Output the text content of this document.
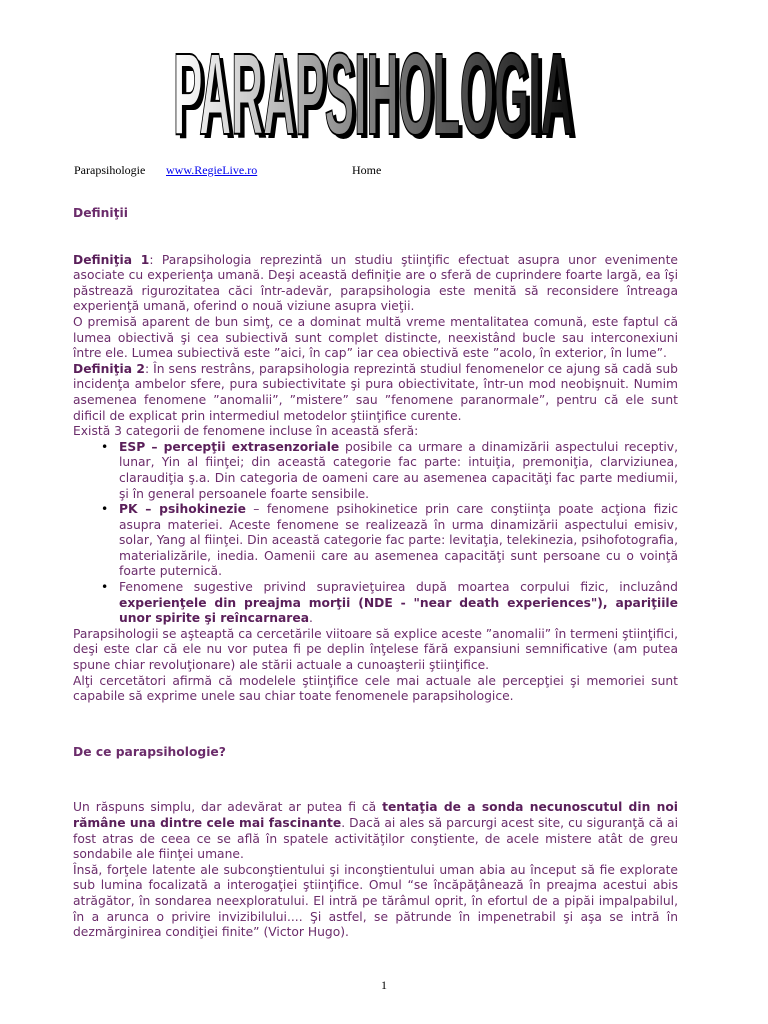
PARAPSIHOLOGIA
PARAPSIHOLOGIA
Parapsihologie www.RegieLive.ro	Home

Definiţii

Definiţia 1: Parapsihologia reprezintă un studiu ştiinţific efectuat asupra unor evenimente asociate cu experienţa umană. Deşi această definiţie are o sferă de cuprindere foarte largă, ea îşi păstrează rigurozitatea căci într-adevăr, parapsihologia este menită să reconsidere întreaga experienţă umană, oferind o nouă viziune asupra vieţii.

O premisă aparent de bun simţ, ce a dominat multă vreme mentalitatea comună, este faptul că lumea obiectivă şi cea subiectivă sunt complet distincte, neexistând bucle sau interconexiuni între ele. Lumea subiectivă este ”aici, în cap” iar cea obiectivă este ”acolo, în exterior, în lume”.

Definiţia 2: În sens restrâns, parapsihologia reprezintă studiul fenomenelor ce ajung să cadă sub incidenţa ambelor sfere, pura subiectivitate şi pura obiectivitate, într-un mod neobişnuit. Numim asemenea fenomene ”anomalii”, ”mistere” sau ”fenomene paranormale”, pentru că ele sunt dificil de explicat prin intermediul metodelor ştiinţifice curente.

Există 3 categorii de fenomene incluse în această sferă:

• ESP – percepţii extrasenzoriale posibile ca urmare a dinamizării aspectului receptiv, lunar, Yin al fiinţei; din această categorie fac parte: intuiţia, premoniţia, clarviziunea, claraudiţia ş.a. Din categoria de oameni care au asemenea capacităţi fac parte mediumii, şi în general persoanele foarte sensibile.
• PK – psihokinezie – fenomene psihokinetice prin care conştiinţa poate acţiona fizic asupra materiei. Aceste fenomene se realizează în urma dinamizării aspectului emisiv, solar, Yang al fiinţei. Din această categorie fac parte: levitaţia, telekinezia, psihofotografia, materializările, inedia. Oamenii care au asemenea capacităţi sunt persoane cu o voinţă foarte puternică.
• Fenomene sugestive privind supravieţuirea după moartea corpului fizic, incluzând experienţele din preajma morţii (NDE - "near death experiences"), apariţiile unor spirite şi reîncarnarea.

Parapsihologii se aşteaptă ca cercetările viitoare să explice aceste ”anomalii” în termeni ştiinţifici, deşi este clar că ele nu vor putea fi pe deplin înţelese fără expansiuni semnificative (am putea spune chiar revoluţionare) ale stării actuale a cunoaşterii ştiinţifice.

Alţi cercetători afirmă că modelele ştiinţifice cele mai actuale ale percepţiei şi memoriei sunt capabile să exprime unele sau chiar toate fenomenele parapsihologice.

De ce parapsihologie?

Un răspuns simplu, dar adevărat ar putea fi că tentaţia de a sonda necunoscutul din noi rămâne una dintre cele mai fascinante. Dacă ai ales să parcurgi acest site, cu siguranţă că ai fost atras de ceea ce se află în spatele activităţilor conştiente, de acele mistere atât de greu sondabile ale fiinţei umane.

Însă, forţele latente ale subconştientului şi inconştientului uman abia au început să fie explorate sub lumina focalizată a interogaţiei ştiinţifice. Omul “se încăpăţânează în preajma acestui abis atrăgător, în sondarea neexploratului. El intră pe tărâmul oprit, în efortul de a pipăi impalpabilul, în a arunca o privire invizibilului.... Şi astfel, se pătrunde în impenetrabil şi aşa se intră în dezmărginirea condiţiei finite” (Victor Hugo).

1
